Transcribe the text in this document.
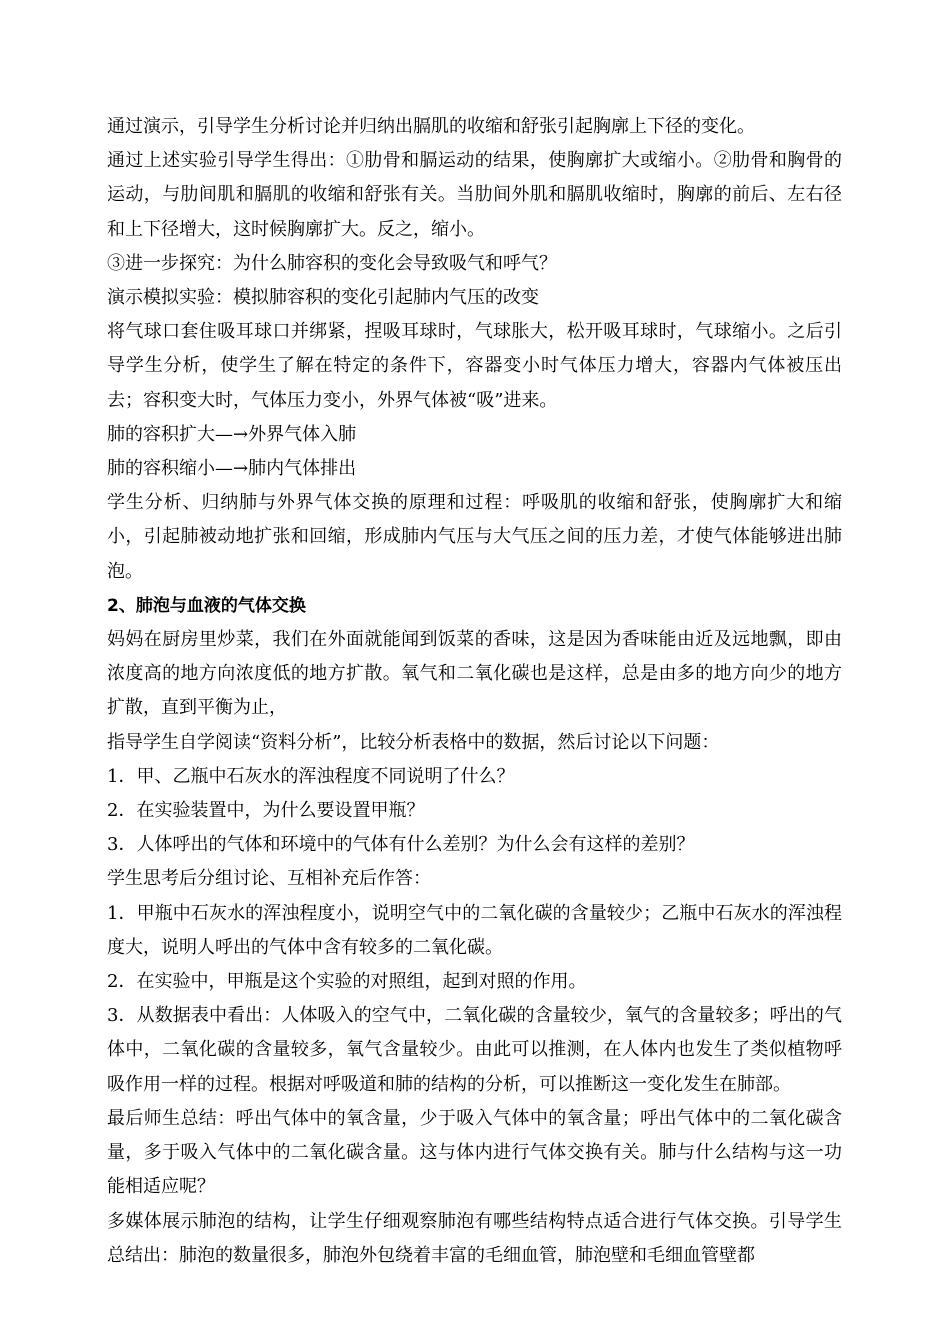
通过演示，引导学生分析讨论并归纳出膈肌的收缩和舒张引起胸廓上下径的变化。

通过上述实验引导学生得出：①肋骨和膈运动的结果，使胸廓扩大或缩小。②肋骨和胸骨的运动，与肋间肌和膈肌的收缩和舒张有关。当肋间外肌和膈肌收缩时，胸廓的前后、左右径和上下径增大，这时候胸廓扩大。反之，缩小。

③进一步探究：为什么肺容积的变化会导致吸气和呼气？

演示模拟实验：模拟肺容积的变化引起肺内气压的改变

将气球口套住吸耳球口并绑紧，捏吸耳球时，气球胀大，松开吸耳球时，气球缩小。之后引导学生分析，使学生了解在特定的条件下，容器变小时气体压力增大，容器内气体被压出去；容积变大时，气体压力变小，外界气体被“吸”进来。

肺的容积扩大—→外界气体入肺

肺的容积缩小—→肺内气体排出

学生分析、归纳肺与外界气体交换的原理和过程：呼吸肌的收缩和舒张，使胸廓扩大和缩小，引起肺被动地扩张和回缩，形成肺内气压与大气压之间的压力差，才使气体能够进出肺泡。

2、肺泡与血液的气体交换

妈妈在厨房里炒菜，我们在外面就能闻到饭菜的香味，这是因为香味能由近及远地飘，即由浓度高的地方向浓度低的地方扩散。氧气和二氧化碳也是这样，总是由多的地方向少的地方扩散，直到平衡为止，

指导学生自学阅读“资料分析”，比较分析表格中的数据，然后讨论以下问题：

1．甲、乙瓶中石灰水的浑浊程度不同说明了什么？

2．在实验装置中，为什么要设置甲瓶？

3．人体呼出的气体和环境中的气体有什么差别？为什么会有这样的差别？

学生思考后分组讨论、互相补充后作答：

1．甲瓶中石灰水的浑浊程度小，说明空气中的二氧化碳的含量较少；乙瓶中石灰水的浑浊程度大，说明人呼出的气体中含有较多的二氧化碳。

2．在实验中，甲瓶是这个实验的对照组，起到对照的作用。

3．从数据表中看出：人体吸入的空气中，二氧化碳的含量较少，氧气的含量较多；呼出的气体中，二氧化碳的含量较多，氧气含量较少。由此可以推测，在人体内也发生了类似植物呼吸作用一样的过程。根据对呼吸道和肺的结构的分析，可以推断这一变化发生在肺部。

最后师生总结：呼出气体中的氧含量，少于吸入气体中的氧含量；呼出气体中的二氧化碳含量，多于吸入气体中的二氧化碳含量。这与体内进行气体交换有关。肺与什么结构与这一功能相适应呢？

多媒体展示肺泡的结构，让学生仔细观察肺泡有哪些结构特点适合进行气体交换。引导学生总结出：肺泡的数量很多，肺泡外包绕着丰富的毛细血管，肺泡壁和毛细血管壁都
